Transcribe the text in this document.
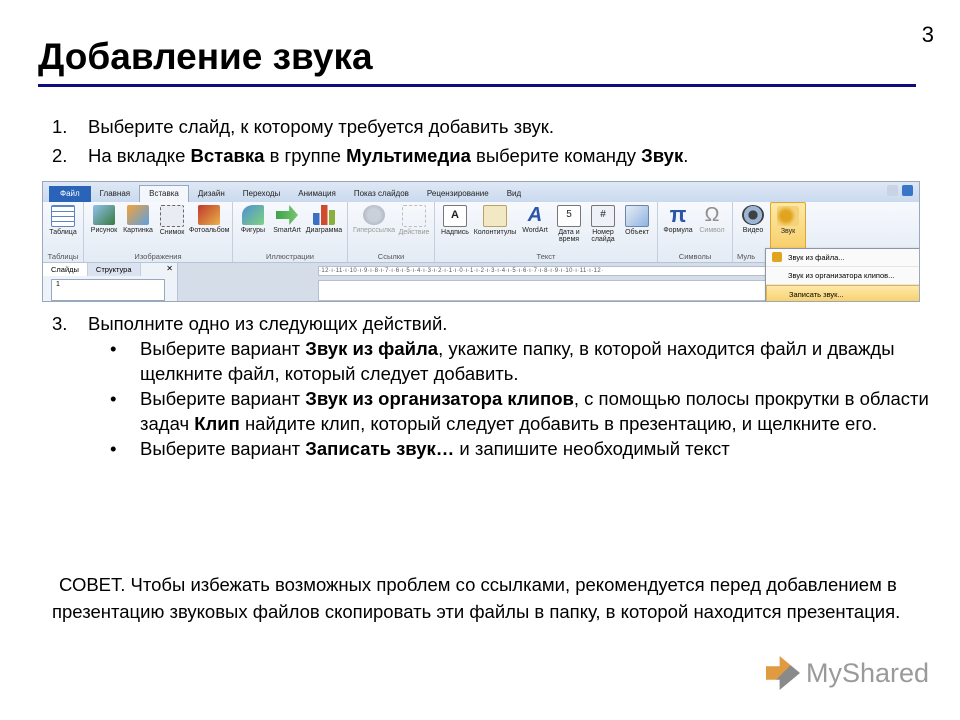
3
Добавление звука
1.	Выберите слайд, к которому требуется добавить звук.
2.	На вкладке Вставка в группе Мультимедиа выберите команду Звук.
Файл	Главная	Вставка	Дизайн	Переходы	Анимация	Показ слайдов	Рецензирование	Вид
Таблица
Таблицы
Рисунок Картинка Снимок Фотоальбом
Изображения
Фигуры	SmartArt Диаграмма
Иллюстрации
Гиперссылка Действие
Ссылки
A
Надпись Колонтитулы
A
WordArt
5
Дата и время
#
Номер слайда
Объект
Текст
π
Формула
Ω
Символ
Символы
Видео	Звук
Муль
Слайды	Структура	✕
1
·12·ı·11·ı·10·ı·9·ı·8·ı·7·ı·6·ı·5·ı·4·ı·3·ı·2·ı·1·ı·0·ı·1·ı·2·ı·3·ı·4·ı·5·ı·6·ı·7·ı·8·ı·9·ı·10·ı·11·ı·12·
Звук из файла...
Звук из организатора клипов...
Записать звук...
3.	Выполните одно из следующих действий.
• Выберите вариант Звук из файла, укажите папку, в которой находится файл и дважды щелкните файл, который следует добавить.
• Выберите вариант Звук из организатора клипов, с помощью полосы прокрутки в области задач Клип найдите клип, который следует добавить в презентацию, и щелкните его.
• Выберите вариант Записать звук… и запишите необходимый текст
СОВЕТ. Чтобы избежать возможных проблем со ссылками, рекомендуется перед добавлением в презентацию звуковых файлов скопировать эти файлы в папку, в которой находится презентация.
MyShared
